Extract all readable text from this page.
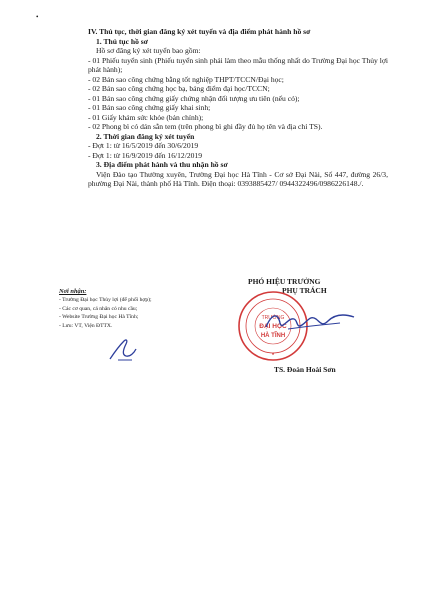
•

IV. Thủ tục, thời gian đăng ký xét tuyển và địa điểm phát hành hồ sơ

1. Thủ tục hồ sơ

Hồ sơ đăng ký xét tuyển bao gồm:

- 01 Phiếu tuyển sinh (Phiếu tuyển sinh phải làm theo mẫu thống nhất do Trường Đại học Thủy lợi phát hành);

- 02 Bản sao công chứng bằng tốt nghiệp THPT/TCCN/Đại học;

- 02 Bản sao công chứng học bạ, bảng điểm đại học/TCCN;

- 01 Bản sao công chứng giấy chứng nhận đối tượng ưu tiên (nếu có);

- 01 Bản sao công chứng giấy khai sinh;

- 01 Giấy khám sức khỏe (bản chính);

- 02 Phong bì có dán sẵn tem (trên phong bì ghi đầy đủ họ tên và địa chỉ TS).

2. Thời gian đăng ký xét tuyển

- Đợt 1: từ 16/5/2019 đến 30/6/2019

- Đợt 1: từ 16/9/2019 đến 16/12/2019

3. Địa điểm phát hành và thu nhận hồ sơ

Viện Đào tạo Thường xuyên, Trường Đại học Hà Tĩnh - Cơ sở Đại Nài, Số 447, đường 26/3, phường Đại Nài, thành phố Hà Tĩnh. Điện thoại: 0393885427/ 0944322496/0986226148./.

Nơi nhận:

- Trường Đại học Thủy lợi (để phối hợp);

- Các cơ quan, cá nhân có nhu cầu;

- Website Trường Đại học Hà Tĩnh;

- Lưu: VT, Viện ĐTTX.

PHÓ HIỆU TRƯỞNG
PHỤ TRÁCH
TRƯỜNG
ĐẠI HỌC
HÀ TĨNH
★
TS. Đoàn Hoài Sơn
